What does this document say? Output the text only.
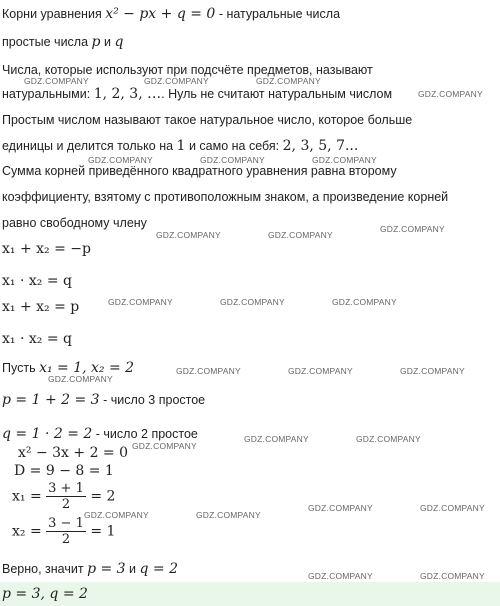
Корни уравнения x² − px + q = 0 - натуральные числа
простые числа p и q
Числа, которые используют при подсчёте предметов, называют
натуральными: 1, 2, 3, …. Нуль не считают натуральным числом
Простым числом называют такое натуральное число, которое больше
единицы и делится только на 1 и само на себя: 2, 3, 5, 7...
Сумма корней приведённого квадратного уравнения равна второму
коэффициенту, взятому с противоположным знаком, а произведение корней
равно свободному члену
x₁ + x₂ = −p
x₁ · x₂ = q
x₁ + x₂ = p
x₁ · x₂ = q
Пусть x₁ = 1, x₂ = 2
p = 1 + 2 = 3 - число 3 простое
q = 1 · 2 = 2 - число 2 простое
x² − 3x + 2 = 0
D = 9 − 8 = 1
$x_1 = \frac{3 + 1}{2} = 2$
$x_2 = \frac{3 - 1}{2} = 1$
Верно, значит p = 3 и q = 2
p = 3, q = 2
GDZ.COMPANY	GDZ.COMPANY	GDZ.COMPANY
GDZ.COMPANY
GDZ.COMPANY	GDZ.COMPANY	GDZ.COMPANY
GDZ.COMPANY	GDZ.COMPANY
GDZ.COMPANY
GDZ.COMPANY	GDZ.COMPANY	GDZ.COMPANY
GDZ.COMPANY	GDZ.COMPANY	GDZ.COMPANY
GDZ.COMPANY
GDZ.COMPANY	GDZ.COMPANY
GDZ.COMPANY
GDZ.COMPANY	GDZ.COMPANY
GDZ.COMPANY	GDZ.COMPANY
GDZ.COMPANY	GDZ.COMPANY
